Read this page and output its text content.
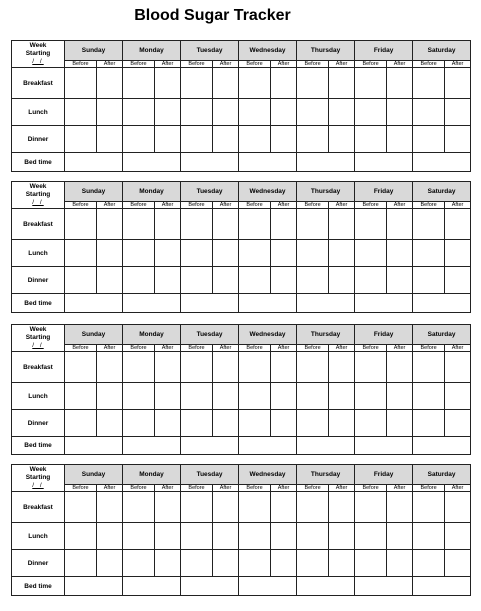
Blood Sugar Tracker
Week
Starting
/ /	Sunday		Monday		Tuesday		Wednesday		Thursday		Friday		Saturday	
	Before	After	Before	After	Before	After	Before	After	Before	After	Before	After	Before	After
Breakfast														
Lunch														
Dinner														
Bed time														
Week
Starting
/ /	Sunday		Monday		Tuesday		Wednesday		Thursday		Friday		Saturday	
	Before	After	Before	After	Before	After	Before	After	Before	After	Before	After	Before	After
Breakfast														
Lunch														
Dinner														
Bed time														
Week
Starting
/ /	Sunday		Monday		Tuesday		Wednesday		Thursday		Friday		Saturday	
	Before	After	Before	After	Before	After	Before	After	Before	After	Before	After	Before	After
Breakfast														
Lunch														
Dinner														
Bed time														
Week
Starting
/ /	Sunday		Monday		Tuesday		Wednesday		Thursday		Friday		Saturday	
	Before	After	Before	After	Before	After	Before	After	Before	After	Before	After	Before	After
Breakfast														
Lunch														
Dinner														
Bed time														
